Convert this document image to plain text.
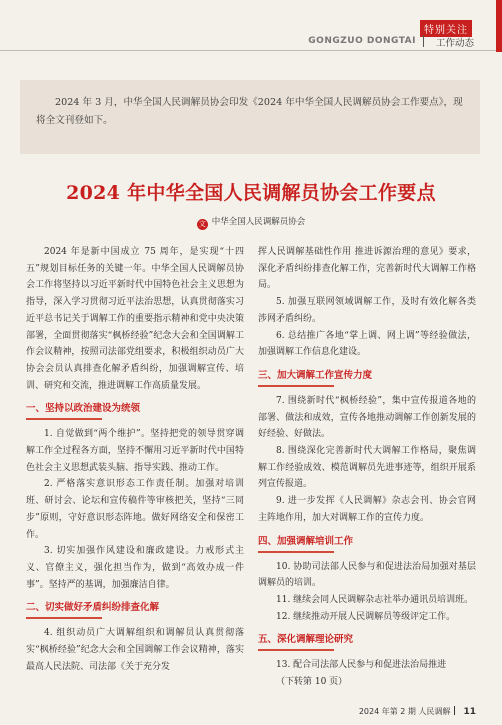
特别关注
GONGZUO DONGTAI 工作动态
2024 年 3 月，中华全国人民调解员协会印发《2024 年中华全国人民调解员协会工作要点》，现将全文刊登如下。
2024 年中华全国人民调解员协会工作要点
文 中华全国人民调解员协会

2024 年是新中国成立 75 周年，是实现“十四五”规划目标任务的关键一年。中华全国人民调解员协会工作将坚持以习近平新时代中国特色社会主义思想为指导，深入学习贯彻习近平法治思想，认真贯彻落实习近平总书记关于调解工作的重要指示精神和党中央决策部署，全面贯彻落实“枫桥经验”纪念大会和全国调解工作会议精神，按照司法部党组要求，积极组织动员广大协会会员认真排查化解矛盾纠纷，加强调解宣传、培训、研究和交流，推进调解工作高质量发展。

一、坚持以政治建设为统领

1. 自觉做到“两个维护”。坚持把党的领导贯穿调解工作全过程各方面，坚持不懈用习近平新时代中国特色社会主义思想武装头脑、指导实践、推动工作。

2. 严格落实意识形态工作责任制。加强对培训班、研讨会、论坛和宣传稿件等审核把关，坚持“三同步”原则，守好意识形态阵地。做好网络安全和保密工作。

3. 切实加强作风建设和廉政建设。力戒形式主义、官僚主义，强化担当作为，做到“高效办成一件事”。坚持严的基调，加强廉洁自律。

二、切实做好矛盾纠纷排查化解

4. 组织动员广大调解组织和调解员认真贯彻落实“枫桥经验”纪念大会和全国调解工作会议精神，落实最高人民法院、司法部《关于充分发

挥人民调解基础性作用 推进诉源治理的意见》要求，深化矛盾纠纷排查化解工作，完善新时代大调解工作格局。

5. 加强互联网领域调解工作，及时有效化解各类涉网矛盾纠纷。

6. 总结推广各地“掌上调、网上调”等经验做法，加强调解工作信息化建设。

三、加大调解工作宣传力度

7. 围绕新时代“枫桥经验”，集中宣传报道各地的部署、做法和成效，宣传各地推动调解工作创新发展的好经验、好做法。

8. 围绕深化完善新时代大调解工作格局，聚焦调解工作经验成效、模范调解员先进事迹等，组织开展系列宣传报道。

9. 进一步发挥《人民调解》杂志会刊、协会官网主阵地作用，加大对调解工作的宣传力度。

四、加强调解培训工作

10. 协助司法部人民参与和促进法治局加强对基层调解员的培训。

11. 继续会同人民调解杂志社举办通讯员培训班。

12. 继续推动开展人民调解员等级评定工作。

五、深化调解理论研究

13. 配合司法部人民参与和促进法治局推进

（下转第 10 页）

2024 年第 2 期 人民调解 11
